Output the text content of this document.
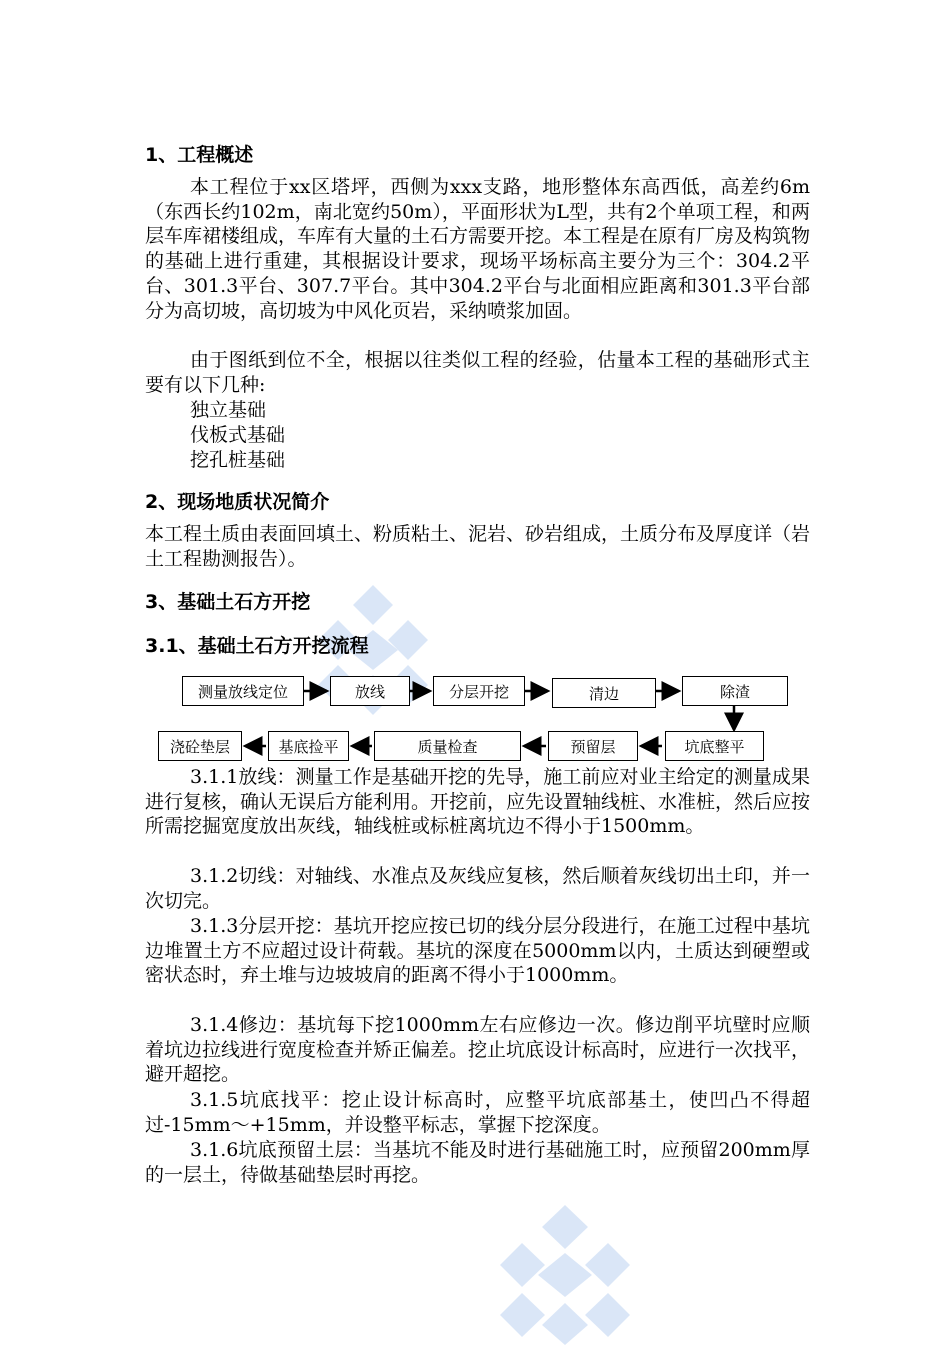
1、工程概述
本工程位于xx区塔坪，西侧为xxx支路，地形整体东高西低，高差约6m（东西长约102m，南北宽约50m），平面形状为L型，共有2个单项工程，和两层车库裙楼组成，车库有大量的土石方需要开挖。本工程是在原有厂房及构筑物的基础上进行重建，其根据设计要求，现场平场标高主要分为三个：304.2平台、301.3平台、307.7平台。其中304.2平台与北面相应距离和301.3平台部分为高切坡，高切坡为中风化页岩，采纳喷浆加固。
由于图纸到位不全，根据以往类似工程的经验，估量本工程的基础形式主要有以下几种:
独立基础
伐板式基础
挖孔桩基础
2、现场地质状况简介
本工程土质由表面回填土、粉质粘土、泥岩、砂岩组成，土质分布及厚度详（岩土工程勘测报告）。
3、基础土石方开挖
3.1、基础土石方开挖流程
测量放线定位	放线	分层开挖	清边	除渣
浇砼垫层	基底捡平	质量检查	预留层	坑底整平
3.1.1放线：测量工作是基础开挖的先导，施工前应对业主给定的测量成果进行复核，确认无误后方能利用。开挖前，应先设置轴线桩、水准桩，然后应按所需挖掘宽度放出灰线，轴线桩或标桩离坑边不得小于1500mm。
3.1.2切线：对轴线、水准点及灰线应复核，然后顺着灰线切出土印，并一次切完。
3.1.3分层开挖：基坑开挖应按已切的线分层分段进行，在施工过程中基坑边堆置土方不应超过设计荷载。基坑的深度在5000mm以内，土质达到硬塑或密状态时，弃土堆与边坡坡肩的距离不得小于1000mm。
3.1.4修边：基坑每下挖1000mm左右应修边一次。修边削平坑壁时应顺着坑边拉线进行宽度检查并矫正偏差。挖止坑底设计标高时，应进行一次找平，避开超挖。
3.1.5坑底找平：挖止设计标高时，应整平坑底部基土，使凹凸不得超过-15mm～+15mm，并设整平标志，掌握下挖深度。
3.1.6坑底预留土层：当基坑不能及时进行基础施工时，应预留200mm厚的一层土，待做基础垫层时再挖。
